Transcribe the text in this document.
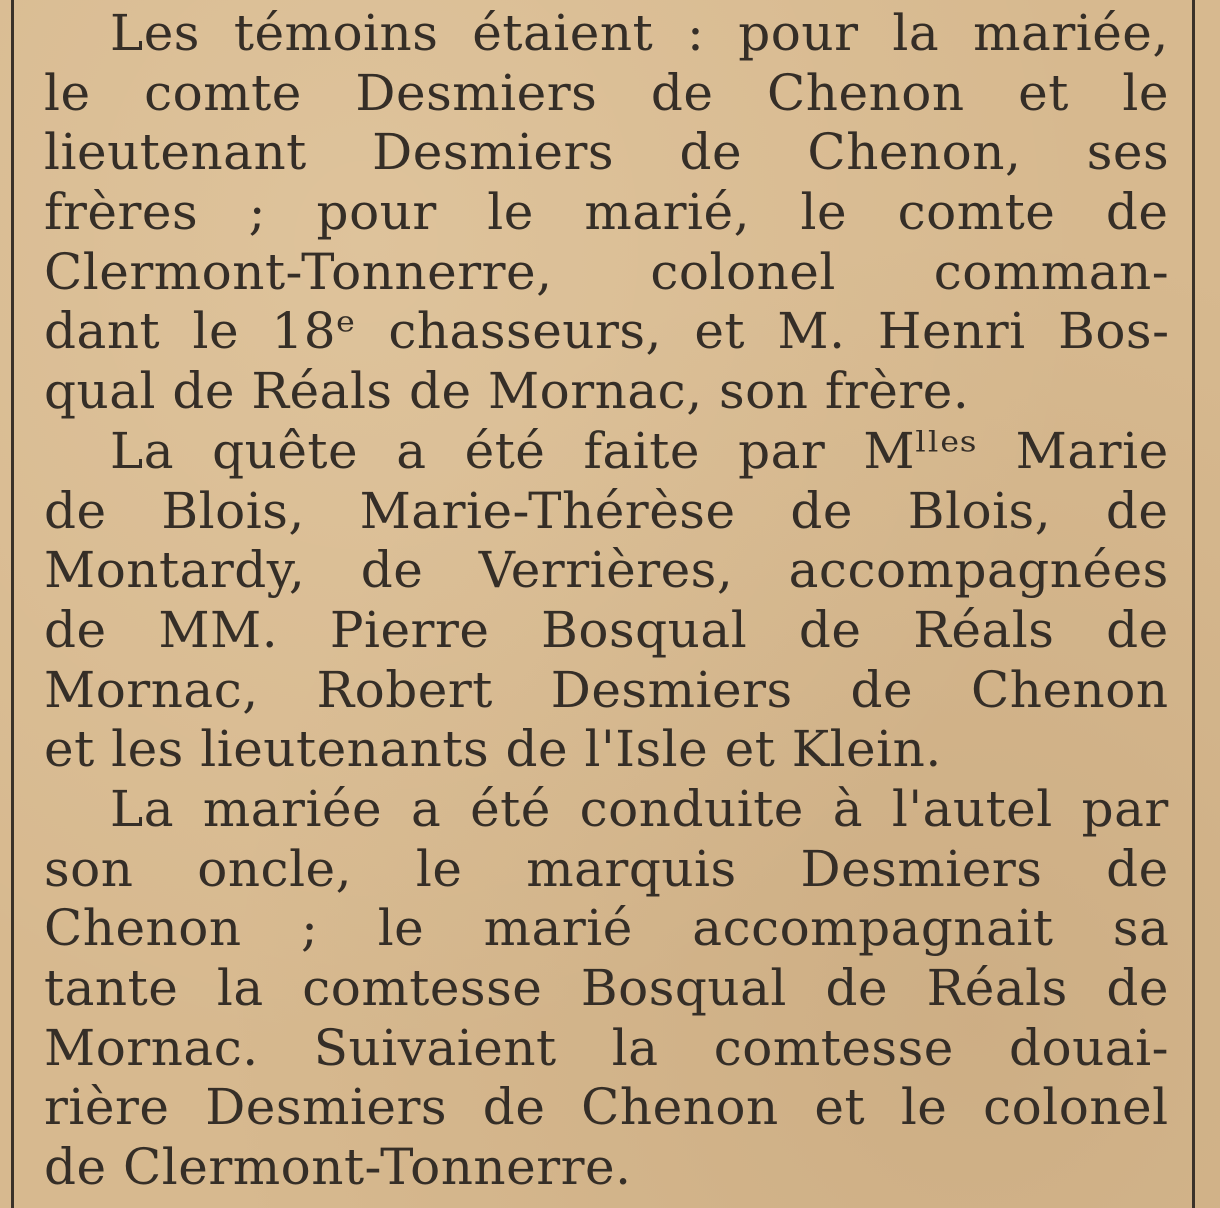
Les témoins étaient : pour la mariée,
le comte Desmiers de Chenon et le
lieutenant Desmiers de Chenon, ses
frères ; pour le marié, le comte de
Clermont-Tonnerre, colonel comman-
dant le 18ᵉ chasseurs, et M. Henri Bos-
qual de Réals de Mornac, son frère.
La quête a été faite par Mˡˡᵉˢ Marie
de Blois, Marie-Thérèse de Blois, de
Montardy, de Verrières, accompagnées
de MM. Pierre Bosqual de Réals de
Mornac, Robert Desmiers de Chenon
et les lieutenants de l'Isle et Klein.
La mariée a été conduite à l'autel par
son oncle, le marquis Desmiers de
Chenon ; le marié accompagnait sa
tante la comtesse Bosqual de Réals de
Mornac. Suivaient la comtesse douai-
rière Desmiers de Chenon et le colonel
de Clermont-Tonnerre.
